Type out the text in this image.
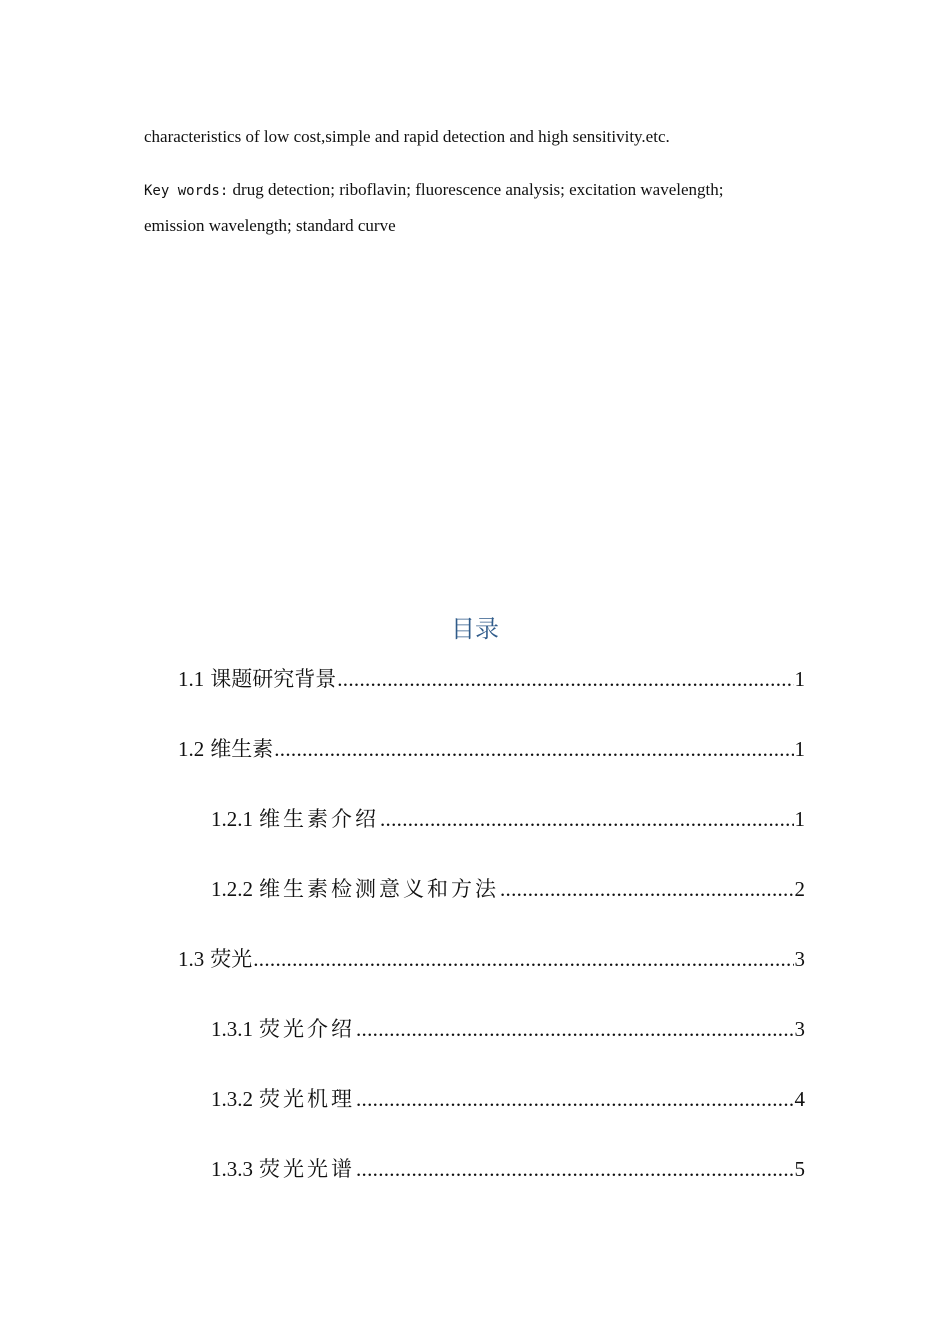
characteristics of low cost,simple and rapid detection and high sensitivity.etc.
Key words: drug detection; riboflavin; fluorescence analysis; excitation wavelength;
emission wavelength; standard curve
目录
1.1 课题研究背景 .....	1
1.2 维生素 .....	1
1.2.1 维生素介绍 .....	1
1.2.2 维生素检测意义和方法 .....	2
1.3 荧光 .....	3
1.3.1 荧光介绍 .....	3
1.3.2 荧光机理 .....	4
1.3.3 荧光光谱 .....	5
